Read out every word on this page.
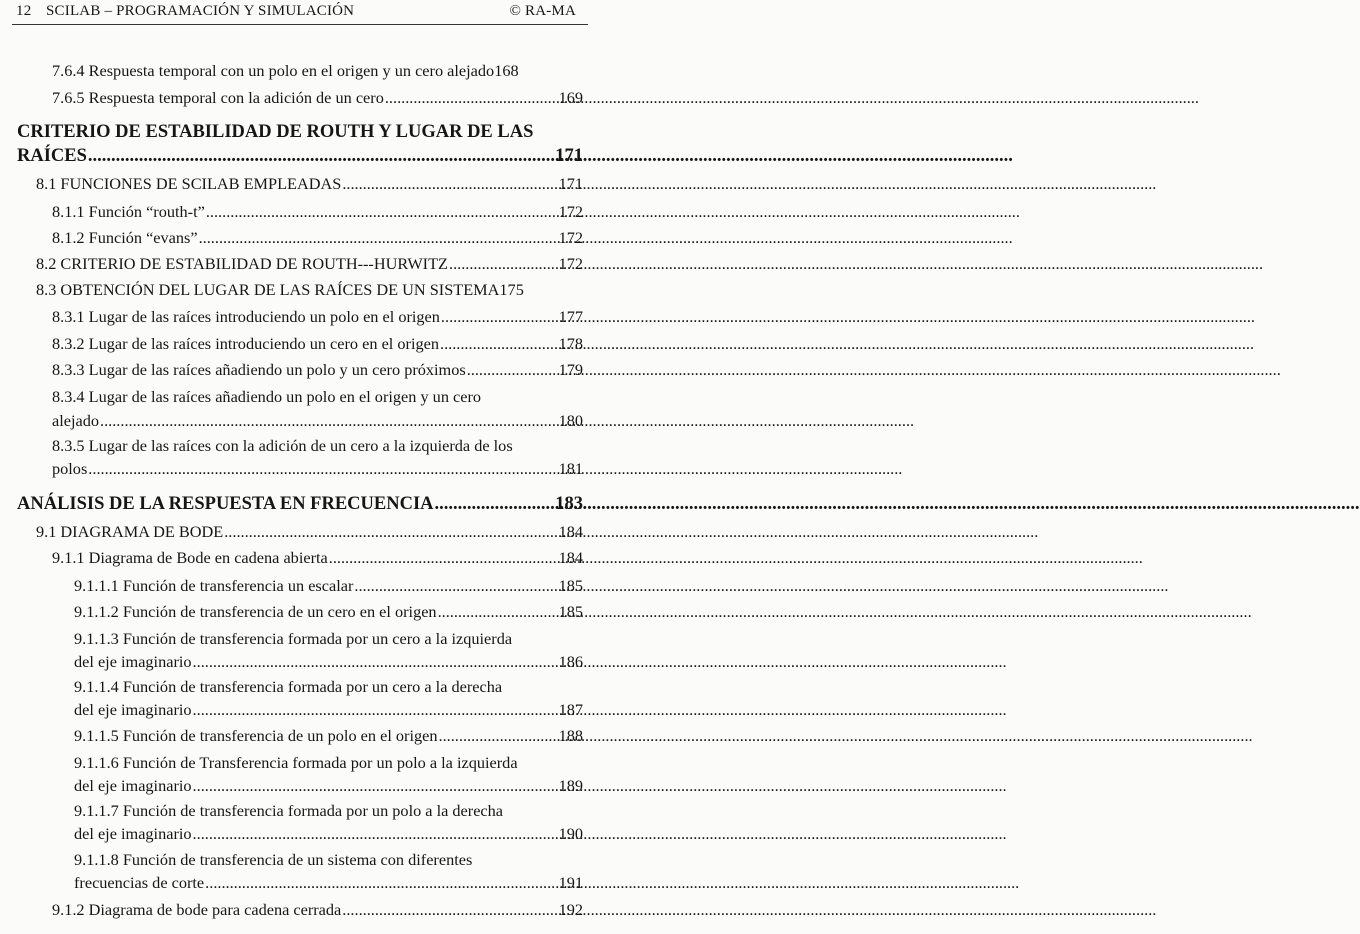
12 SCILAB – PROGRAMACIÓN Y SIMULACIÓN	© RA-MA
7.6.4 Respuesta temporal con un polo en el origen y un cero alejado 168
7.6.5 Respuesta temporal con la adición de un cero .....	169
CRITERIO DE ESTABILIDAD DE ROUTH Y LUGAR DE LAS
RAÍCES .....	171
8.1 FUNCIONES DE SCILAB EMPLEADAS .....	171
8.1.1 Función “routh-t” .....	172
8.1.2 Función “evans” .....	172
8.2 CRITERIO DE ESTABILIDAD DE ROUTH---HURWITZ .....	172
8.3 OBTENCIÓN DEL LUGAR DE LAS RAÍCES DE UN SISTEMA 175
8.3.1 Lugar de las raíces introduciendo un polo en el origen .....	177
8.3.2 Lugar de las raíces introduciendo un cero en el origen .....	178
8.3.3 Lugar de las raíces añadiendo un polo y un cero próximos .....	179
8.3.4 Lugar de las raíces añadiendo un polo en el origen y un cero
alejado .....	180
8.3.5 Lugar de las raíces con la adición de un cero a la izquierda de los
polos .....	181
ANÁLISIS DE LA RESPUESTA EN FRECUENCIA .....	183
9.1 DIAGRAMA DE BODE .....	184
9.1.1 Diagrama de Bode en cadena abierta .....	184
9.1.1.1 Función de transferencia un escalar .....	185
9.1.1.2 Función de transferencia de un cero en el origen .....	185
9.1.1.3 Función de transferencia formada por un cero a la izquierda
del eje imaginario .....	186
9.1.1.4 Función de transferencia formada por un cero a la derecha
del eje imaginario .....	187
9.1.1.5 Función de transferencia de un polo en el origen .....	188
9.1.1.6 Función de Transferencia formada por un polo a la izquierda
del eje imaginario .....	189
9.1.1.7 Función de transferencia formada por un polo a la derecha
del eje imaginario .....	190
9.1.1.8 Función de transferencia de un sistema con diferentes
frecuencias de corte .....	191
9.1.2 Diagrama de bode para cadena cerrada .....	192
